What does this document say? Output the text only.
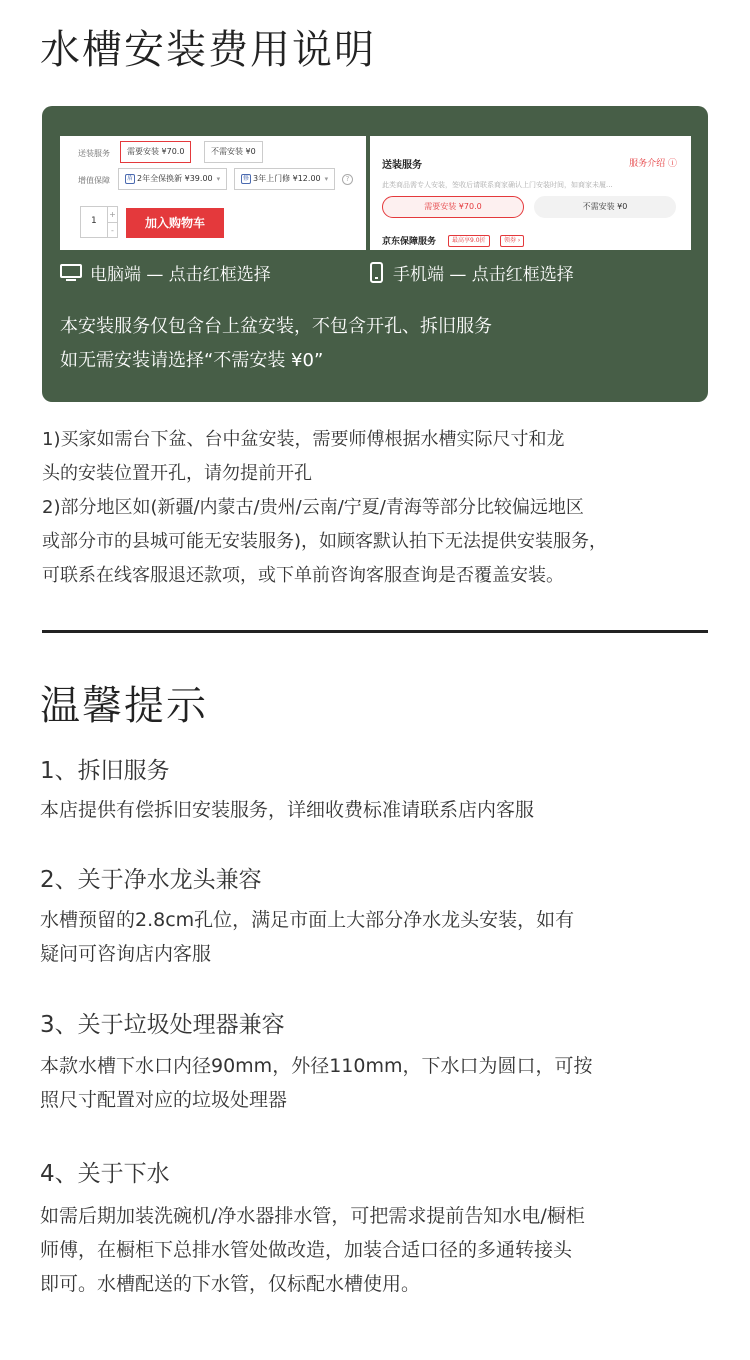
水槽安装费用说明
送装服务	需要安装 ¥70.0	不需安装 ¥0
增值保障	盾 2年全保换新 ¥39.00 ▾	修 3年上门修 ¥12.00 ▾	?
1
+
-
加入购物车
送装服务	服务介绍 ⓘ
此类商品需专人安装，签收后请联系商家确认上门安装时间，如商家未履...
需要安装 ¥70.0	不需安装 ¥0
京东保障服务	最高享9.0折	领券 ›
电脑端 — 点击红框选择	手机端 — 点击红框选择
本安装服务仅包含台上盆安装，不包含开孔、拆旧服务
如无需安装请选择“不需安装 ¥0”
1)买家如需台下盆、台中盆安装，需要师傅根据水槽实际尺寸和龙
头的安装位置开孔，请勿提前开孔
2)部分地区如(新疆/内蒙古/贵州/云南/宁夏/青海等部分比较偏远地区
或部分市的县城可能无安装服务)，如顾客默认拍下无法提供安装服务，
可联系在线客服退还款项，或下单前咨询客服查询是否覆盖安装。
温馨提示
1、拆旧服务
本店提供有偿拆旧安装服务，详细收费标准请联系店内客服
2、关于净水龙头兼容
水槽预留的2.8cm孔位，满足市面上大部分净水龙头安装，如有
疑问可咨询店内客服
3、关于垃圾处理器兼容
本款水槽下水口内径90mm，外径110mm，下水口为圆口，可按
照尺寸配置对应的垃圾处理器
4、关于下水
如需后期加装洗碗机/净水器排水管，可把需求提前告知水电/橱柜
师傅，在橱柜下总排水管处做改造，加装合适口径的多通转接头
即可。水槽配送的下水管，仅标配水槽使用。
